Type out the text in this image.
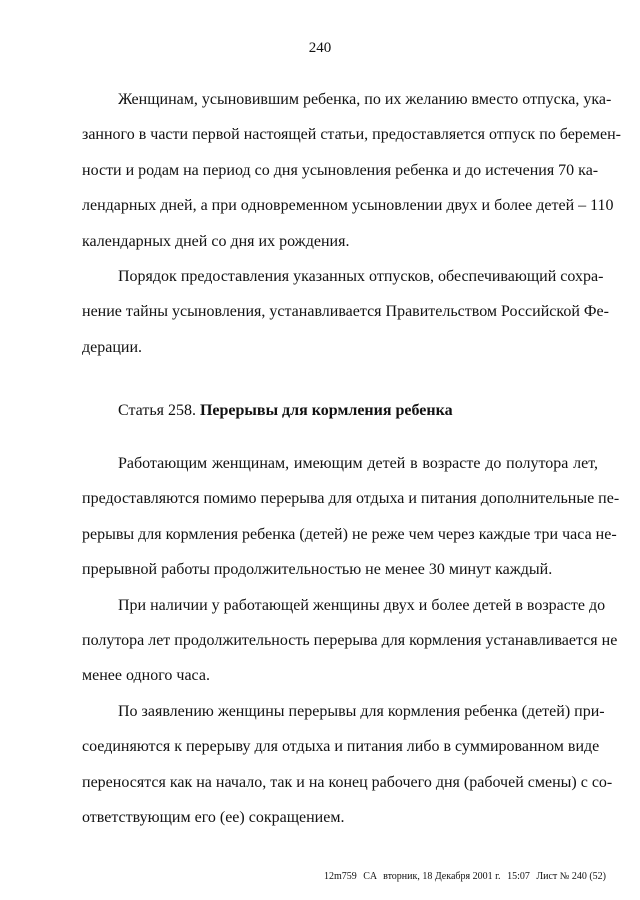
240
Женщинам, усыновившим ребенка, по их желанию вместо отпуска, ука-
занного в части первой настоящей статьи, предоставляется отпуск по беремен-
ности и родам на период со дня усыновления ребенка и до истечения 70 ка-
лендарных дней, а при одновременном усыновлении двух и более детей – 110
календарных дней со дня их рождения.
Порядок предоставления указанных отпусков, обеспечивающий сохра-
нение тайны усыновления, устанавливается Правительством Российской Фе-
дерации.
Статья 258. Перерывы для кормления ребенка
Работающим женщинам, имеющим детей в возрасте до полутора лет,
предоставляются помимо перерыва для отдыха и питания дополнительные пе-
рерывы для кормления ребенка (детей) не реже чем через каждые три часа не-
прерывной работы продолжительностью не менее 30 минут каждый.
При наличии у работающей женщины двух и более детей в возрасте до
полутора лет продолжительность перерыва для кормления устанавливается не
менее одного часа.
По заявлению женщины перерывы для кормления ребенка (детей) при-
соединяются к перерыву для отдыха и питания либо в суммированном виде
переносятся как на начало, так и на конец рабочего дня (рабочей смены) с со-
ответствующим его (ее) сокращением.
12m759 CA вторник, 18 Декабря 2001 г. 15:07 Лист № 240 (52)
